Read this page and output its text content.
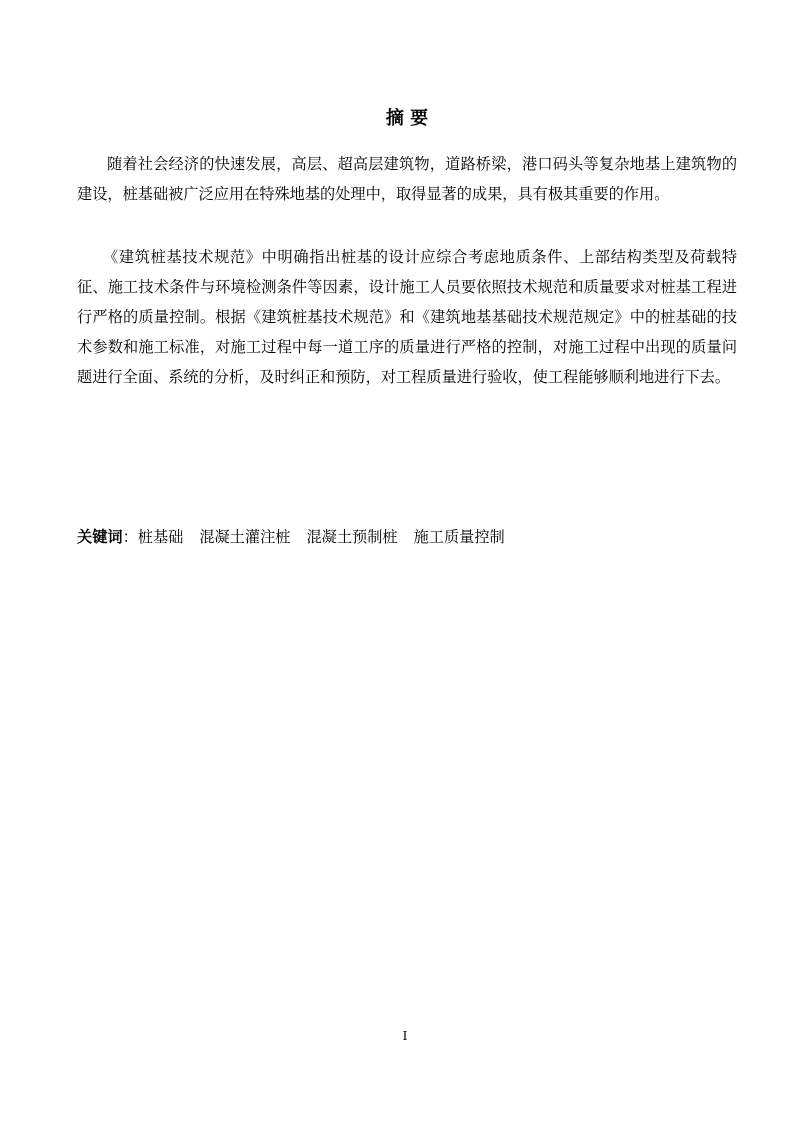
摘 要
随着社会经济的快速发展，高层、超高层建筑物，道路桥梁，港口码头等复杂地基上建筑物的建设，桩基础被广泛应用在特殊地基的处理中，取得显著的成果，具有极其重要的作用。
《建筑桩基技术规范》中明确指出桩基的设计应综合考虑地质条件、上部结构类型及荷载特征、施工技术条件与环境检测条件等因素，设计施工人员要依照技术规范和质量要求对桩基工程进行严格的质量控制。根据《建筑桩基技术规范》和《建筑地基基础技术规范规定》中的桩基础的技术参数和施工标准，对施工过程中每一道工序的质量进行严格的控制，对施工过程中出现的质量问题进行全面、系统的分析，及时纠正和预防，对工程质量进行验收，使工程能够顺利地进行下去。
关键词：桩基础 混凝土灌注桩 混凝土预制桩 施工质量控制
I
